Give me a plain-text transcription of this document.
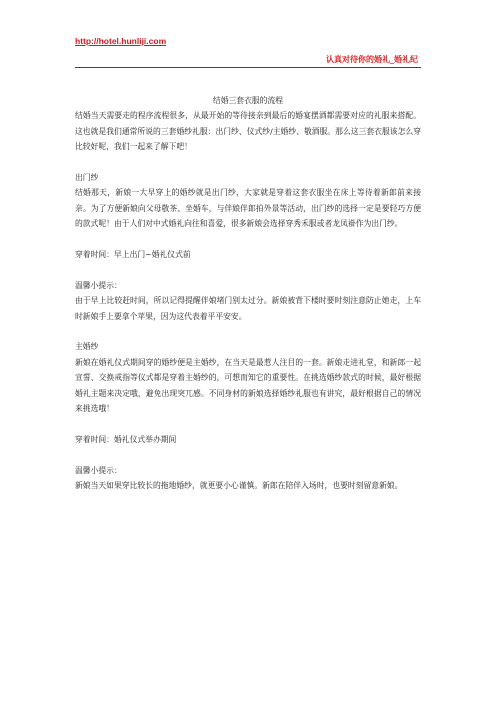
http://hotel.hunliji.com
认真对待你的婚礼_婚礼纪

结婚三套衣服的流程

结婚当天需要走的程序流程很多，从最开始的等待接亲到最后的婚宴摆酒都需要对应的礼服来搭配。这也就是我们通常所说的三套婚纱礼服：出门纱、仪式纱/主婚纱、敬酒服。那么这三套衣服该怎么穿比较好呢，我们一起来了解下吧！

出门纱

结婚那天，新娘一大早穿上的婚纱就是出门纱，大家就是穿着这套衣服坐在床上等待着新郎前来接亲。为了方便新娘向父母敬茶、坐婚车，与伴娘伴郎拍外景等活动，出门纱的选择一定是要轻巧方便的款式呢！由于人们对中式婚礼向往和喜爱，很多新娘会选择穿秀禾服或者龙凤褂作为出门纱。

穿着时间：早上出门~婚礼仪式前

温馨小提示：

由于早上比较赶时间，所以记得提醒伴娘堵门别太过分。新娘被背下楼时要时刻注意防止她走，上车时新娘手上要拿个苹果，因为这代表着平平安安。

主婚纱

新娘在婚礼仪式期间穿的婚纱便是主婚纱，在当天是最惹人注目的一套。新娘走进礼堂，和新郎一起宣誓、交换戒指等仪式都是穿着主婚纱的，可想而知它的重要性。在挑选婚纱款式的时候，最好根据婚礼主题来决定哦，避免出现突兀感。不同身材的新娘选择婚纱礼服也有讲究，最好根据自己的情况来挑选哦！

穿着时间：婚礼仪式举办期间

温馨小提示：

新娘当天如果穿比较长的拖地婚纱，就更要小心谨慎。新郎在陪伴入场时，也要时刻留意新娘。
